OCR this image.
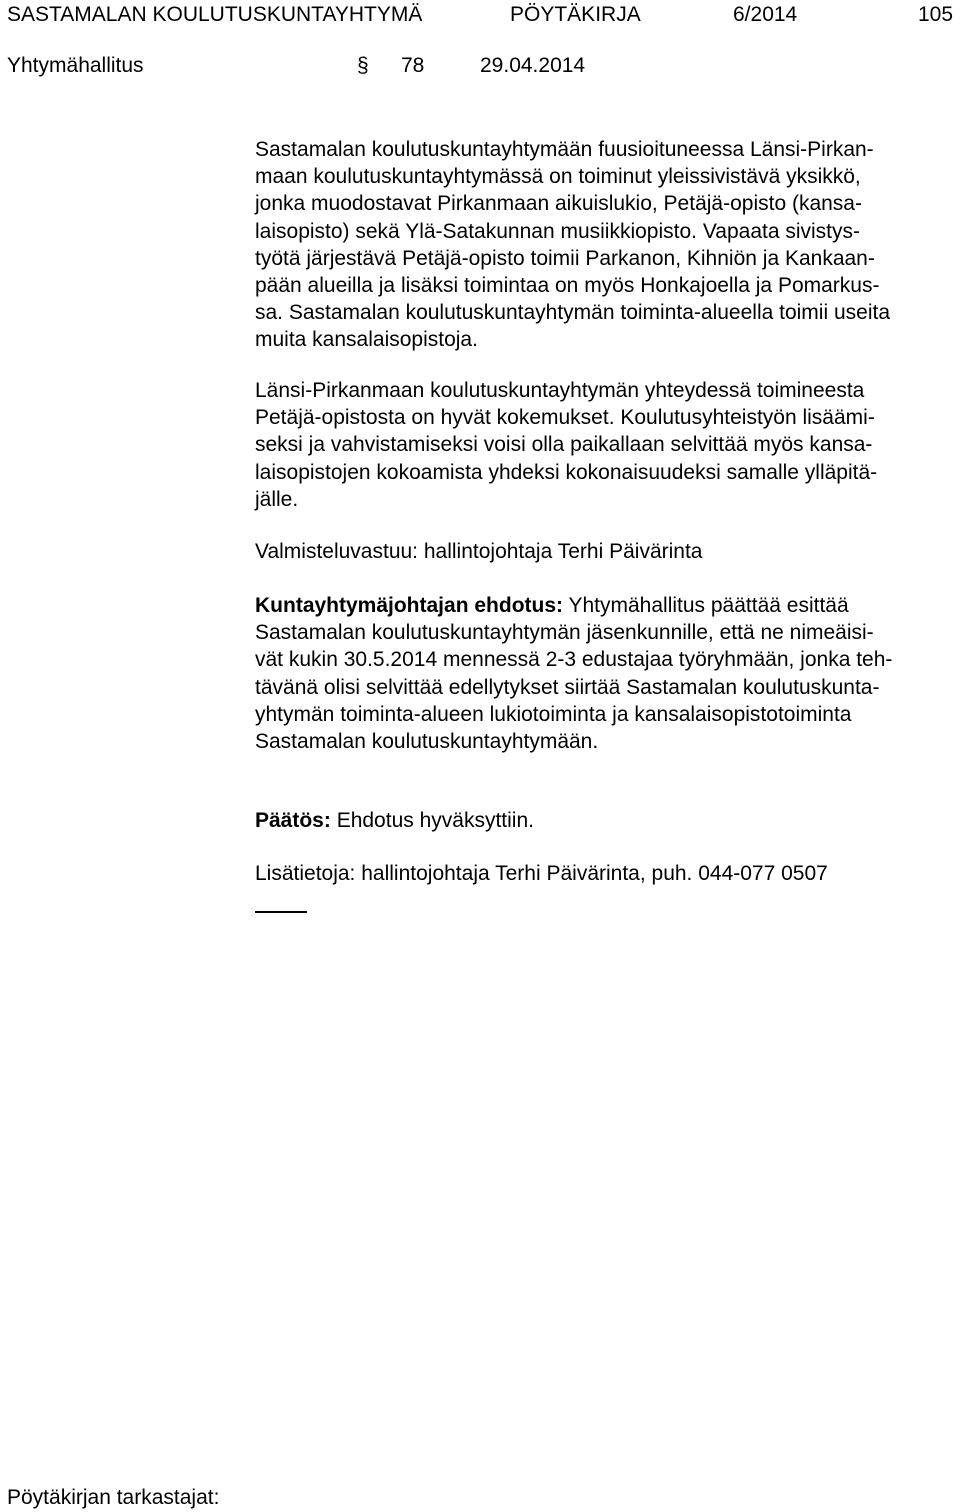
SASTAMALAN KOULUTUSKUNTAYHTYMÄ	PÖYTÄKIRJA	6/2014	105
Yhtymähallitus	§ 78	29.04.2014
Sastamalan koulutuskuntayhtymään fuusioituneessa Länsi-Pirkan-
maan koulutuskuntayhtymässä on toiminut yleissivistävä yksikkö,
jonka muodostavat Pirkanmaan aikuislukio, Petäjä-opisto (kansa-
laisopisto) sekä Ylä-Satakunnan musiikkiopisto. Vapaata sivistys-
työtä järjestävä Petäjä-opisto toimii Parkanon, Kihniön ja Kankaan-
pään alueilla ja lisäksi toimintaa on myös Honkajoella ja Pomarkus-
sa. Sastamalan koulutuskuntayhtymän toiminta-alueella toimii useita
muita kansalaisopistoja.
Länsi-Pirkanmaan koulutuskuntayhtymän yhteydessä toimineesta
Petäjä-opistosta on hyvät kokemukset. Koulutusyhteistyön lisäämi-
seksi ja vahvistamiseksi voisi olla paikallaan selvittää myös kansa-
laisopistojen kokoamista yhdeksi kokonaisuudeksi samalle ylläpitä-
jälle.
Valmisteluvastuu: hallintojohtaja Terhi Päivärinta
Kuntayhtymäjohtajan ehdotus: Yhtymähallitus päättää esittää
Sastamalan koulutuskuntayhtymän jäsenkunnille, että ne nimeäisi-
vät kukin 30.5.2014 mennessä 2-3 edustajaa työryhmään, jonka teh-
tävänä olisi selvittää edellytykset siirtää Sastamalan koulutuskunta-
yhtymän toiminta-alueen lukiotoiminta ja kansalaisopistotoiminta
Sastamalan koulutuskuntayhtymään.
Päätös: Ehdotus hyväksyttiin.
Lisätietoja: hallintojohtaja Terhi Päivärinta, puh. 044-077 0507
Pöytäkirjan tarkastajat:
